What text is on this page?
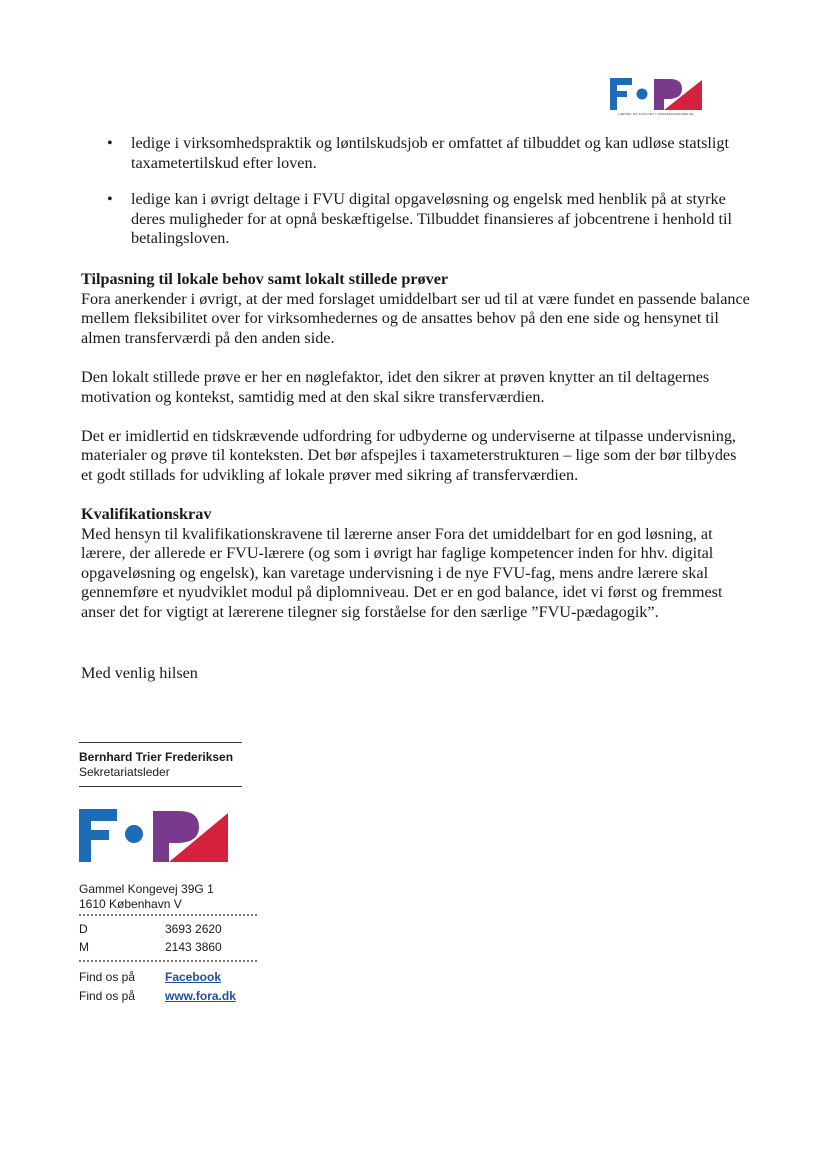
LÆRING OG KVALITET I VOKSENUDDANNELSE
• ledige i virksomhedspraktik og løntilskudsjob er omfattet af tilbuddet og kan udløse statsligt taxametertilskud efter loven.
• ledige kan i øvrigt deltage i FVU digital opgaveløsning og engelsk med henblik på at styrke deres muligheder for at opnå beskæftigelse. Tilbuddet finansieres af jobcentrene i henhold til betalingsloven.
Tilpasning til lokale behov samt lokalt stillede prøver

Fora anerkender i øvrigt, at der med forslaget umiddelbart ser ud til at være fundet en passende balance mellem fleksibilitet over for virksomhedernes og de ansattes behov på den ene side og hensynet til almen transferværdi på den anden side.

Den lokalt stillede prøve er her en nøglefaktor, idet den sikrer at prøven knytter an til deltagernes motivation og kontekst, samtidig med at den skal sikre transferværdien.

Det er imidlertid en tidskrævende udfordring for udbyderne og underviserne at tilpasse undervisning, materialer og prøve til konteksten. Det bør afspejles i taxameterstrukturen – lige som der bør tilbydes et godt stillads for udvikling af lokale prøver med sikring af transferværdien.

Kvalifikationskrav

Med hensyn til kvalifikationskravene til lærerne anser Fora det umiddelbart for en god løsning, at lærere, der allerede er FVU-lærere (og som i øvrigt har faglige kompetencer inden for hhv. digital opgaveløsning og engelsk), kan varetage undervisning i de nye FVU-fag, mens andre lærere skal gennemføre et nyudviklet modul på diplomniveau. Det er en god balance, idet vi først og fremmest anser det for vigtigt at lærerene tilegner sig forståelse for den særlige ”FVU-pædagogik”.

Med venlig hilsen
Bernhard Trier Frederiksen
Sekretariatsleder
Gammel Kongevej 39G 1
1610 København V
D	3693 2620
M	2143 3860
Find os på	Facebook
Find os på	www.fora.dk
